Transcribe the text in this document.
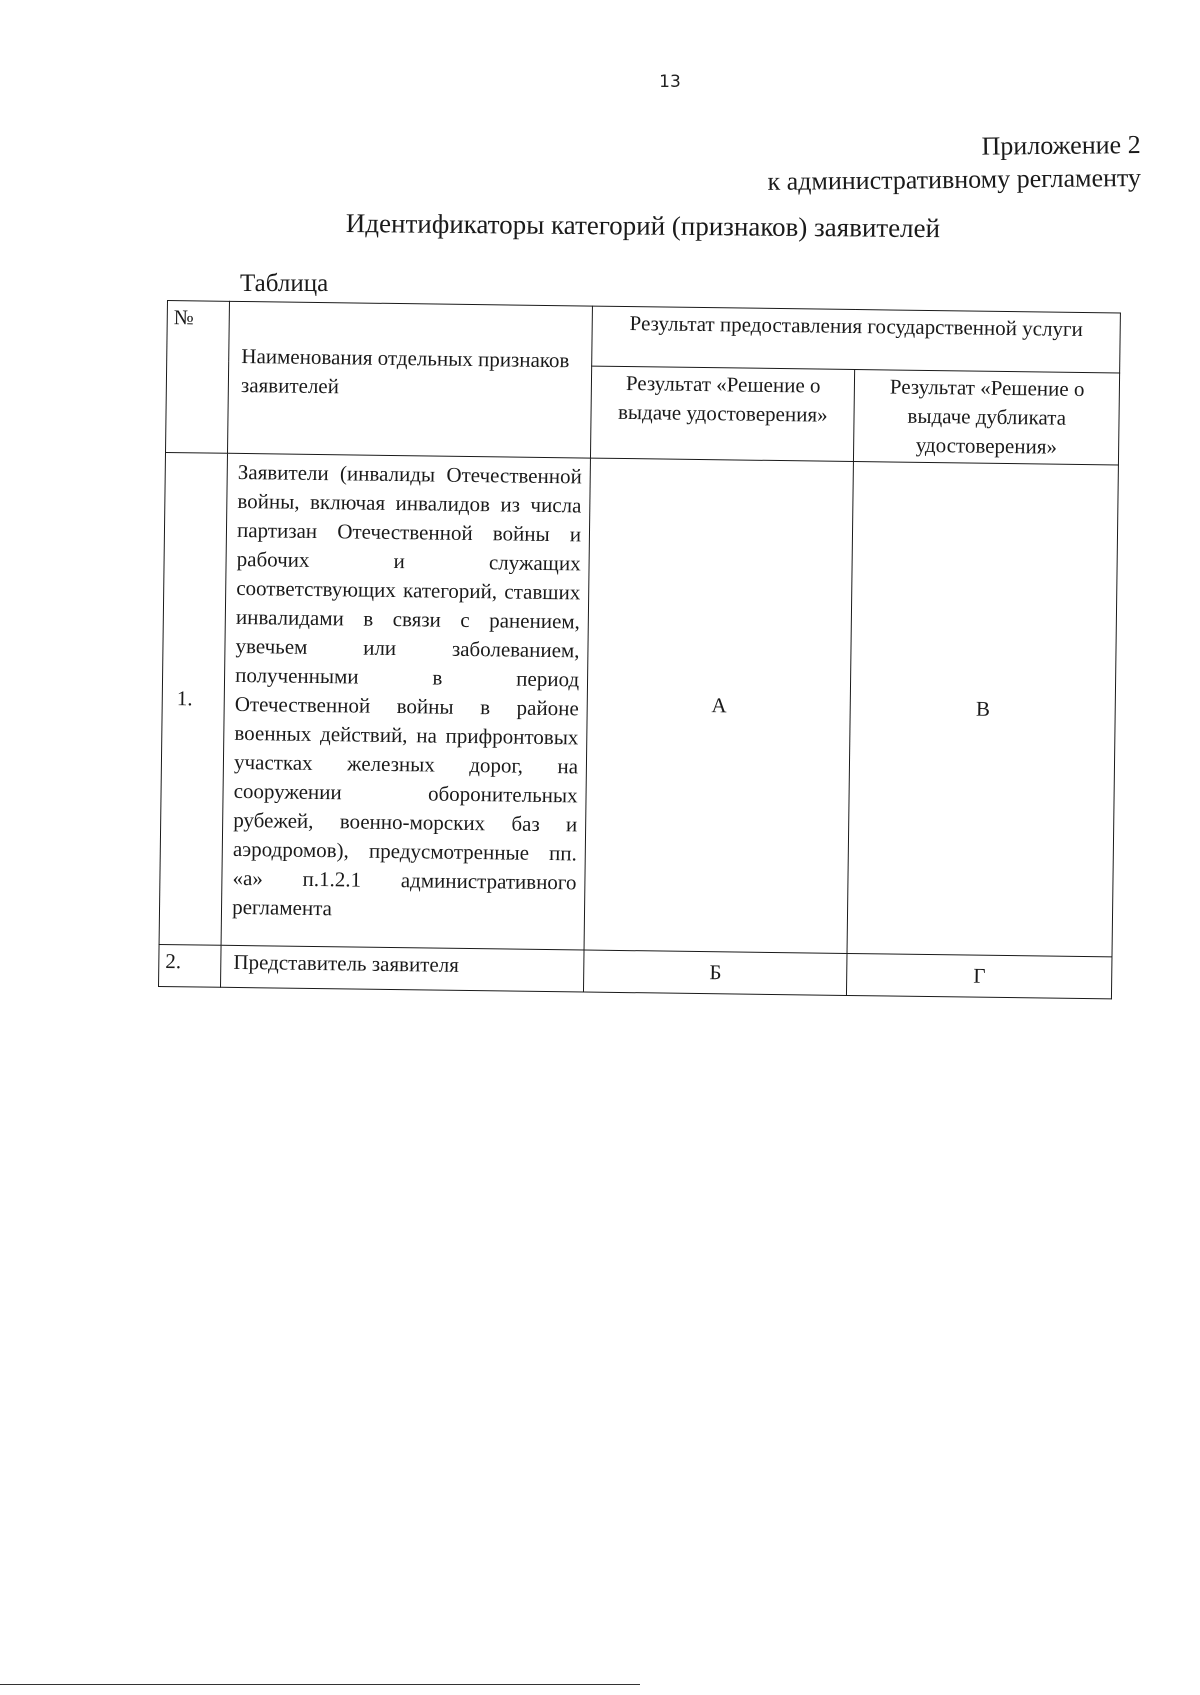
13
Приложение 2
к административному регламенту
Идентификаторы категорий (признаков) заявителей
Таблица
№	Наименования отдельных признаков заявителей	Результат предоставления государственной услуги	
		Результат «Решение о выдаче удостоверения»	Результат «Решение о выдаче дубликата удостоверения»
1.	Заявители (инвалиды Отечественной войны, включая инвалидов из числа партизан Отечественной войны и рабочих и служащих соответствующих категорий, ставших инвалидами в связи с ранением, увечьем или заболеванием, полученными в период Отечественной войны в районе военных действий, на прифронтовых участках железных дорог, на сооружении оборонительных рубежей, военно-морских баз и аэродромов), предусмотренные пп. «а» п.1.2.1 административного регламента	А	В
2.	Представитель заявителя	Б	Г
